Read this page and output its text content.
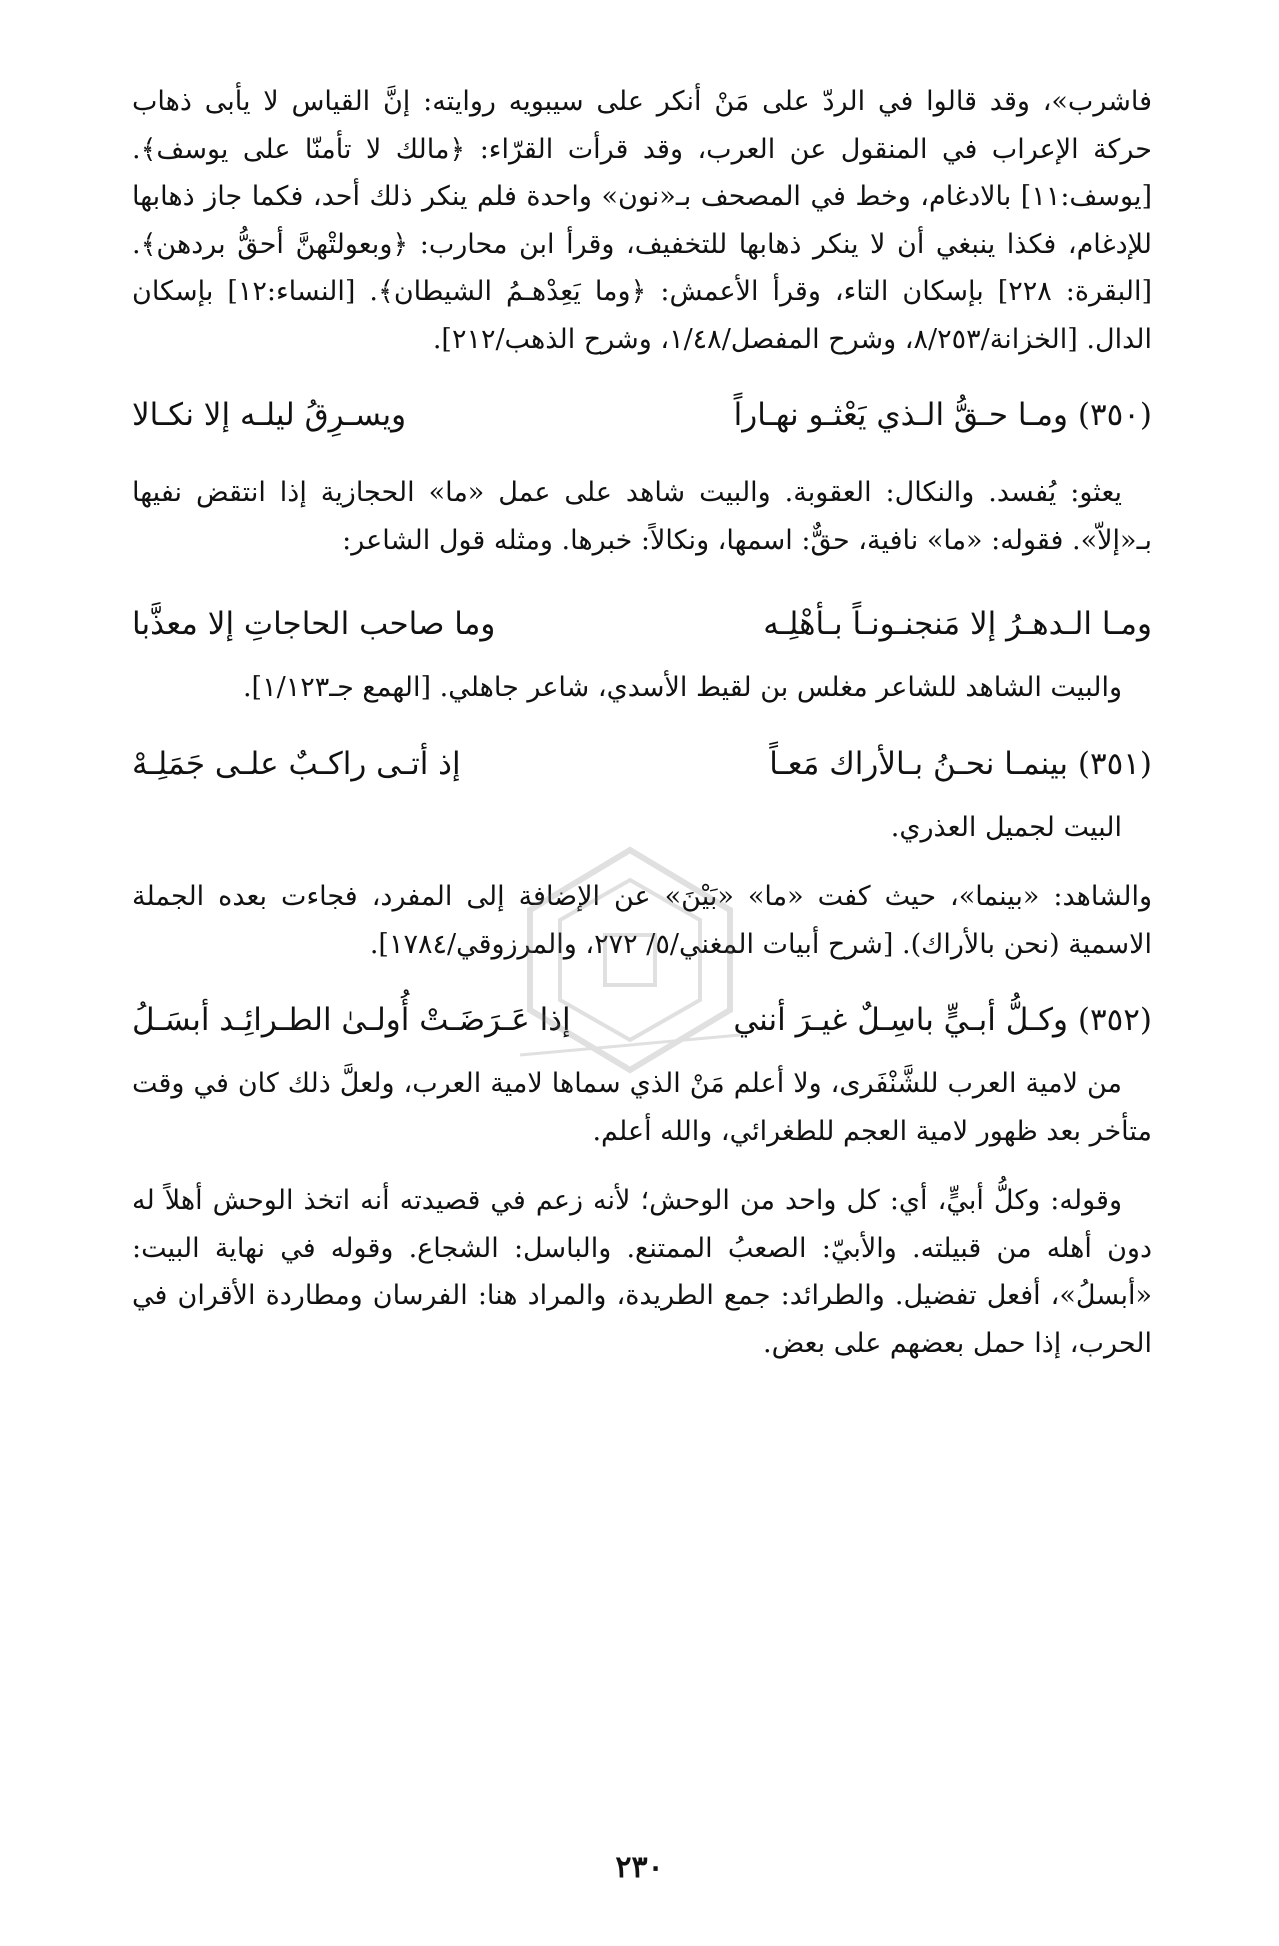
فاشرب»، وقد قالوا في الردّ على مَنْ أنكر على سيبويه روايته: إنَّ القياس لا يأبى ذهاب حركة الإعراب في المنقول عن العرب، وقد قرأت القرّاء: ﴿مالك لا تأمنّا على يوسف﴾. [يوسف:١١] بالادغام، وخط في المصحف بـ«نون» واحدة فلم ينكر ذلك أحد، فكما جاز ذهابها للإدغام، فكذا ينبغي أن لا ينكر ذهابها للتخفيف، وقرأ ابن محارب: ﴿وبعولتْهنَّ أحقُّ بردهن﴾. [البقرة: ٢٢٨] بإسكان التاء، وقرأ الأعمش: ﴿وما يَعِدْهـمُ الشيطان﴾. [النساء:١٢] بإسكان الدال. [الخزانة/٨/٢٥٣، وشرح المفصل/١/٤٨، وشرح الذهب/٢١٢].

(٣٥٠) ومـا حـقُّ الـذي يَعْثـو نهـاراً
ويسـرِقُ ليلـه إلا نكـالا

يعثو: يُفسد. والنكال: العقوبة. والبيت شاهد على عمل «ما» الحجازية إذا انتقض نفيها بـ«إلاّ». فقوله: «ما» نافية، حقٌّ: اسمها، ونكالاً: خبرها. ومثله قول الشاعر:

ومـا الـدهـرُ إلا مَنجنـونـاً بـأهْلِـه
وما صاحب الحاجاتِ إلا معذَّبا

والبيت الشاهد للشاعر مغلس بن لقيط الأسدي، شاعر جاهلي. [الهمع جـ١/١٢٣].

(٣٥١) بينمـا نحـنُ بـالأراك مَعـاً
إذ أتـى راكـبٌ علـى جَمَلِـهْ

البيت لجميل العذري.

والشاهد: «بينما»، حيث كفت «ما» «بَيْنَ» عن الإضافة إلى المفرد، فجاءت بعده الجملة الاسمية (نحن بالأراك). [شرح أبيات المغني/٥/ ٢٧٢، والمرزوقي/١٧٨٤].

(٣٥٢) وكـلُّ أبـيٍّ باسِـلٌ غيـرَ أنني
إذا عَـرَضَـتْ أُولـىٰ الطـرائِـد أبسَـلُ

من لامية العرب للشَّنْفَرى، ولا أعلم مَنْ الذي سماها لامية العرب، ولعلَّ ذلك كان في وقت متأخر بعد ظهور لامية العجم للطغرائي، والله أعلم.

وقوله: وكلُّ أبيٍّ، أي: كل واحد من الوحش؛ لأنه زعم في قصيدته أنه اتخذ الوحش أهلاً له دون أهله من قبيلته. والأبيّ: الصعبُ الممتنع. والباسل: الشجاع. وقوله في نهاية البيت: «أبسلُ»، أفعل تفضيل. والطرائد: جمع الطريدة، والمراد هنا: الفرسان ومطاردة الأقران في الحرب، إذا حمل بعضهم على بعض.

٢٣٠
